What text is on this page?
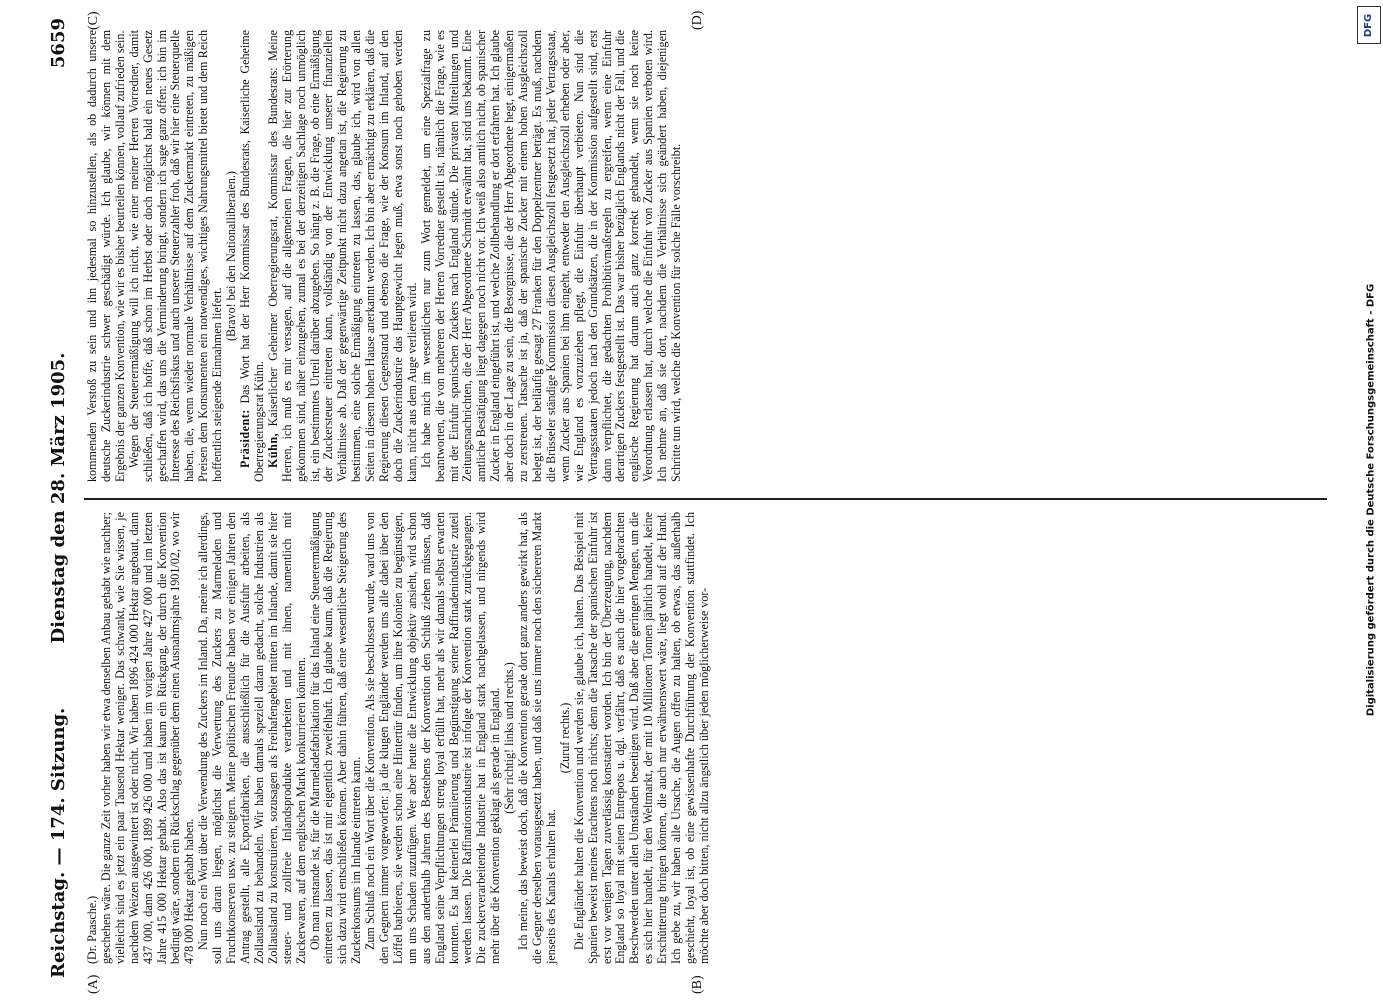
Reichstag. — 174. Sitzung.
Dienstag den 28. März 1905.
5659
(A)	(B)
(C)	(D)

(Dr. Paasche.) geschehen wäre. Die ganze Zeit vorher haben wir etwa denselben Anbau gehabt wie nachher; vielleicht sind es jetzt ein paar Tausend Hektar weniger. Das schwankt, wie Sie wissen, je nachdem Weizen ausgewintert ist oder nicht. Wir haben 1896 424 000 Hektar angebaut, dann 437 000, dann 426 000, 1899 426 000 und haben im vorigen Jahre 427 000 und im letzten Jahre 415 000 Hektar gehabt. Also das ist kaum ein Rückgang, der durch die Konvention bedingt wäre, sondern ein Rückschlag gegenüber dem einen Ausnahmsjahre 1901/02, wo wir 478 000 Hektar gehabt haben. Nun noch ein Wort über die Verwendung des Zuckers im Inland. Da, meine ich allerdings, soll uns daran liegen, möglichst die Verwertung des Zuckers zu Marmeladen und Fruchtkonserven usw. zu steigern. Meine politischen Freunde haben vor einigen Jahren den Antrag gestellt, alle Exportfabriken, die ausschließlich für die Ausfuhr arbeiten, als Zollausland zu behandeln. Wir haben damals speziell daran gedacht, solche Industrien als Zollausland zu konstruieren, sozusagen als Freihafengebiet mitten im Inlande, damit sie hier steuer- und zollfreie Inlandsprodukte verarbeiten und mit ihnen, namentlich mit Zuckerwaren, auf dem englischen Markt konkurrieren könnten. Ob man imstande ist, für die Marmeladefabrikation für das Inland eine Steuerermäßigung eintreten zu lassen, das ist mir eigentlich zweifelhaft. Ich glaube kaum, daß die Regierung sich dazu wird entschließen können. Aber dahin führen, daß eine wesentliche Steigerung des Zuckerkonsums im Inlande eintreten kann. Zum Schluß noch ein Wort über die Konvention. Als sie beschlossen wurde, ward uns von den Gegnern immer vorgeworfen: ja die klugen Engländer werden uns alle dabei über den Löffel barbieren, sie werden schon eine Hintertür finden, um ihre Kolonien zu begünstigen, um uns Schaden zuzufügen. Wer aber heute die Entwicklung objektiv ansieht, wird schon aus den anderthalb Jahren des Bestehens der Konvention den Schluß ziehen müssen, daß England seine Verpflichtungen streng loyal erfüllt hat, mehr als wir damals selbst erwarten konnten. Es hat keinerlei Prämiierung und Begünstigung seiner Raffinadenindustrie zuteil werden lassen. Die Raffinationsindustrie ist infolge der Konvention stark zurückgegangen. Die zuckerverarbeitende Industrie hat in England stark nachgelassen, und nirgends wird mehr über die Konvention geklagt als gerade in England. (Sehr richtig! links und rechts.) Ich meine, das beweist doch, daß die Konvention gerade dort ganz anders gewirkt hat, als die Gegner derselben vorausgesetzt haben, und daß sie uns immer noch den sichereren Markt jenseits des Kanals erhalten hat.

(Zuruf rechts.) Die Engländer halten die Konvention und werden sie, glaube ich, halten. Das Beispiel mit Spanien beweist meines Erachtens noch nichts; denn die Tatsache der spanischen Einfuhr ist erst vor wenigen Tagen zuverlässig konstatiert worden. Ich bin der Überzeugung, nachdem England so loyal mit seinen Entrepots u. dgl. verfährt, daß es auch die hier vorgebrachten Beschwerden unter allen Umständen beseitigen wird. Daß aber die geringen Mengen, um die es sich hier handelt, für den Weltmarkt, der mit 10 Millionen Tonnen jährlich handelt, keine Erschütterung bringen können, die auch nur erwähnenswert wäre, liegt wohl auf der Hand. Ich gebe zu, wir haben alle Ursache, die Augen offen zu halten, ob etwas, das außerhalb geschieht, loyal ist, ob eine gewissenhafte Durchführung der Konvention stattfindet. Ich möchte aber doch bitten, nicht allzu ängstlich über jeden möglicherweise vor-

kommenden Verstoß zu sein und ihn jedesmal so hinzustellen, als ob dadurch unsere deutsche Zuckerindustrie schwer geschädigt würde. Ich glaube, wir können mit dem Ergebnis der ganzen Konvention, wie wir es bisher beurteilen können, vollauf zufrieden sein. Wegen der Steuerermäßigung will ich nicht, wie einer meiner Herren Vorredner, damit schließen, daß ich hoffe, daß schon im Herbst oder doch möglichst bald ein neues Gesetz geschaffen wird, das uns die Verminderung bringt, sondern ich sage ganz offen: ich bin im Interesse des Reichsfiskus und auch unserer Steuerzahler froh, daß wir hier eine Steuerquelle haben, die, wenn wieder normale Verhältnisse auf dem Zuckermarkt eintreten, zu mäßigen Preisen dem Konsumenten ein notwendiges, wichtiges Nahrungsmittel bietet und dem Reich hoffentlich steigende Einnahmen liefert.

(Bravo! bei den Nationalliberalen.)

Präsident: Das Wort hat der Herr Kommissar des Bundesrats, Kaiserliche Geheime Oberregierungsrat Kühn. Kühn, Kaiserlicher Geheimer Oberregierungsrat, Kommissar des Bundesrats: Meine Herren, ich muß es mir versagen, auf die allgemeinen Fragen, die hier zur Erörterung gekommen sind, näher einzugehen, zumal es bei der derzeitigen Sachlage noch unmöglich ist, ein bestimmtes Urteil darüber abzugeben. So hängt z. B. die Frage, ob eine Ermäßigung der Zuckersteuer eintreten kann, vollständig von der Entwicklung unserer finanziellen Verhältnisse ab. Daß der gegenwärtige Zeitpunkt nicht dazu angetan ist, die Regierung zu bestimmen, eine solche Ermäßigung eintreten zu lassen, das, glaube ich, wird von allen Seiten in diesem hohen Hause anerkannt werden. Ich bin aber ermächtigt zu erklären, daß die Regierung diesen Gegenstand und ebenso die Frage, wie der Konsum im Inland, auf den doch die Zuckerindustrie das Hauptgewicht legen muß, etwa sonst noch gehoben werden kann, nicht aus dem Auge verlieren wird. Ich habe mich im wesentlichen nur zum Wort gemeldet, um eine Spezialfrage zu beantworten, die von mehreren der Herren Vorredner gestellt ist, nämlich die Frage, wie es mit der Einfuhr spanischen Zuckers nach England stünde. Die privaten Mitteilungen und Zeitungsnachrichten, die der Herr Abgeordnete Schmidt erwähnt hat, sind uns bekannt. Eine amtliche Bestätigung liegt dagegen noch nicht vor. Ich weiß also amtlich nicht, ob spanischer Zucker in England eingeführt ist, und welche Zollbehandlung er dort erfahren hat. Ich glaube aber doch in der Lage zu sein, die Besorgnisse, die der Herr Abgeordnete hegt, einigermaßen zu zerstreuen. Tatsache ist ja, daß der spanische Zucker mit einem hohen Ausgleichszoll belegt ist, der beiläufig gesagt 27 Franken für den Doppelzentner beträgt. Es muß, nachdem die Brüsseler ständige Kommission diesen Ausgleichszoll festgesetzt hat, jeder Vertragsstaat, wenn Zucker aus Spanien bei ihm eingeht, entweder den Ausgleichszoll erheben oder aber, wie England es vorzuziehen pflegt, die Einfuhr überhaupt verbieten. Nun sind die Vertragsstaaten jedoch nach den Grundsätzen, die in der Kommission aufgestellt sind, erst dann verpflichtet, die gedachten Prohibitivmaßregeln zu ergreifen, wenn eine Einfuhr derartigen Zuckers festgestellt ist. Das war bisher bezüglich Englands nicht der Fall, und die englische Regierung hat darum auch ganz korrekt gehandelt, wenn sie noch keine Verordnung erlassen hat, durch welche die Einfuhr von Zucker aus Spanien verboten wird. Ich nehme an, daß sie dort, nachdem die Verhältnisse sich geändert haben, diejenigen Schritte tun wird, welche die Konvention für solche Fälle vorschreibt.

DFG
Digitalisierung gefördert durch die Deutsche Forschungsgemeinschaft - DFG
